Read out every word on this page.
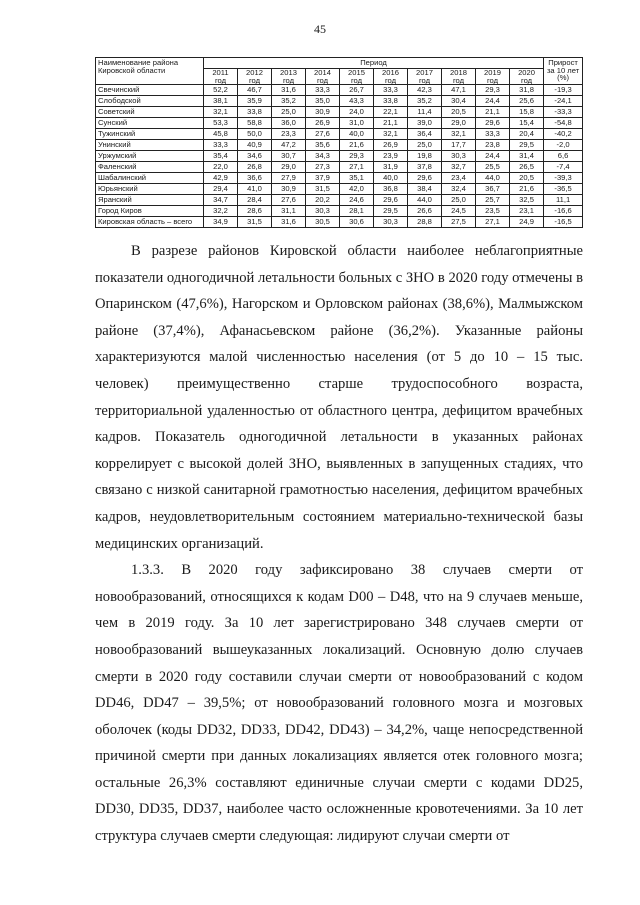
45
Наименование района Кировской области	Период										Прирост за 10 лет (%)
	2011 год	2012 год	2013 год	2014 год	2015 год	2016 год	2017 год	2018 год	2019 год	2020 год	
Свечинский	52,2	46,7	31,6	33,3	26,7	33,3	42,3	47,1	29,3	31,8	-19,3
Слободской	38,1	35,9	35,2	35,0	43,3	33,8	35,2	30,4	24,4	25,6	-24,1
Советский	32,1	33,8	25,0	30,9	24,0	22,1	11,4	20,5	21,1	15,8	-33,3
Сунский	53,3	58,8	36,0	26,9	31,0	21,1	39,0	29,0	29,6	15,4	-54,8
Тужинский	45,8	50,0	23,3	27,6	40,0	32,1	36,4	32,1	33,3	20,4	-40,2
Унинский	33,3	40,9	47,2	35,6	21,6	26,9	25,0	17,7	23,8	29,5	-2,0
Уржумский	35,4	34,6	30,7	34,3	29,3	23,9	19,8	30,3	24,4	31,4	6,6
Фаленский	22,0	26,8	29,0	27,3	27,1	31,9	37,8	32,7	25,5	26,5	-7,4
Шабалинский	42,9	36,6	27,9	37,9	35,1	40,0	29,6	23,4	44,0	20,5	-39,3
Юрьянский	29,4	41,0	30,9	31,5	42,0	36,8	38,4	32,4	36,7	21,6	-36,5
Яранский	34,7	28,4	27,6	20,2	24,6	29,6	44,0	25,0	25,7	32,5	11,1
Город Киров	32,2	28,6	31,1	30,3	28,1	29,5	26,6	24,5	23,5	23,1	-16,6
Кировская область – всего	34,9	31,5	31,6	30,5	30,6	30,3	28,8	27,5	27,1	24,9	-16,5

В разрезе районов Кировской области наиболее неблагоприятные показатели одногодичной летальности больных с ЗНО в 2020 году отмечены в Опаринском (47,6%), Нагорском и Орловском районах (38,6%), Малмыжском районе (37,4%), Афанасьевском районе (36,2%). Указанные районы характеризуются малой численностью населения (от 5 до 10 – 15 тыс. человек) преимущественно старше трудоспособного возраста, территориальной удаленностью от областного центра, дефицитом врачебных кадров. Показатель одногодичной летальности в указанных районах коррелирует с высокой долей ЗНО, выявленных в запущенных стадиях, что связано с низкой санитарной грамотностью населения, дефицитом врачебных кадров, неудовлетворительным состоянием материально-технической базы медицинских организаций.

1.3.3. В 2020 году зафиксировано 38 случаев смерти от новообразований, относящихся к кодам D00 – D48, что на 9 случаев меньше, чем в 2019 году. За 10 лет зарегистрировано 348 случаев смерти от новообразований вышеуказанных локализаций. Основную долю случаев смерти в 2020 году составили случаи смерти от новообразований с кодом DD46, DD47 – 39,5%; от новообразований головного мозга и мозговых оболочек (коды DD32, DD33, DD42, DD43) – 34,2%, чаще непосредственной причиной смерти при данных локализациях является отек головного мозга; остальные 26,3% составляют единичные случаи смерти с кодами DD25, DD30, DD35, DD37, наиболее часто осложненные кровотечениями. За 10 лет структура случаев смерти следующая: лидируют случаи смерти от
